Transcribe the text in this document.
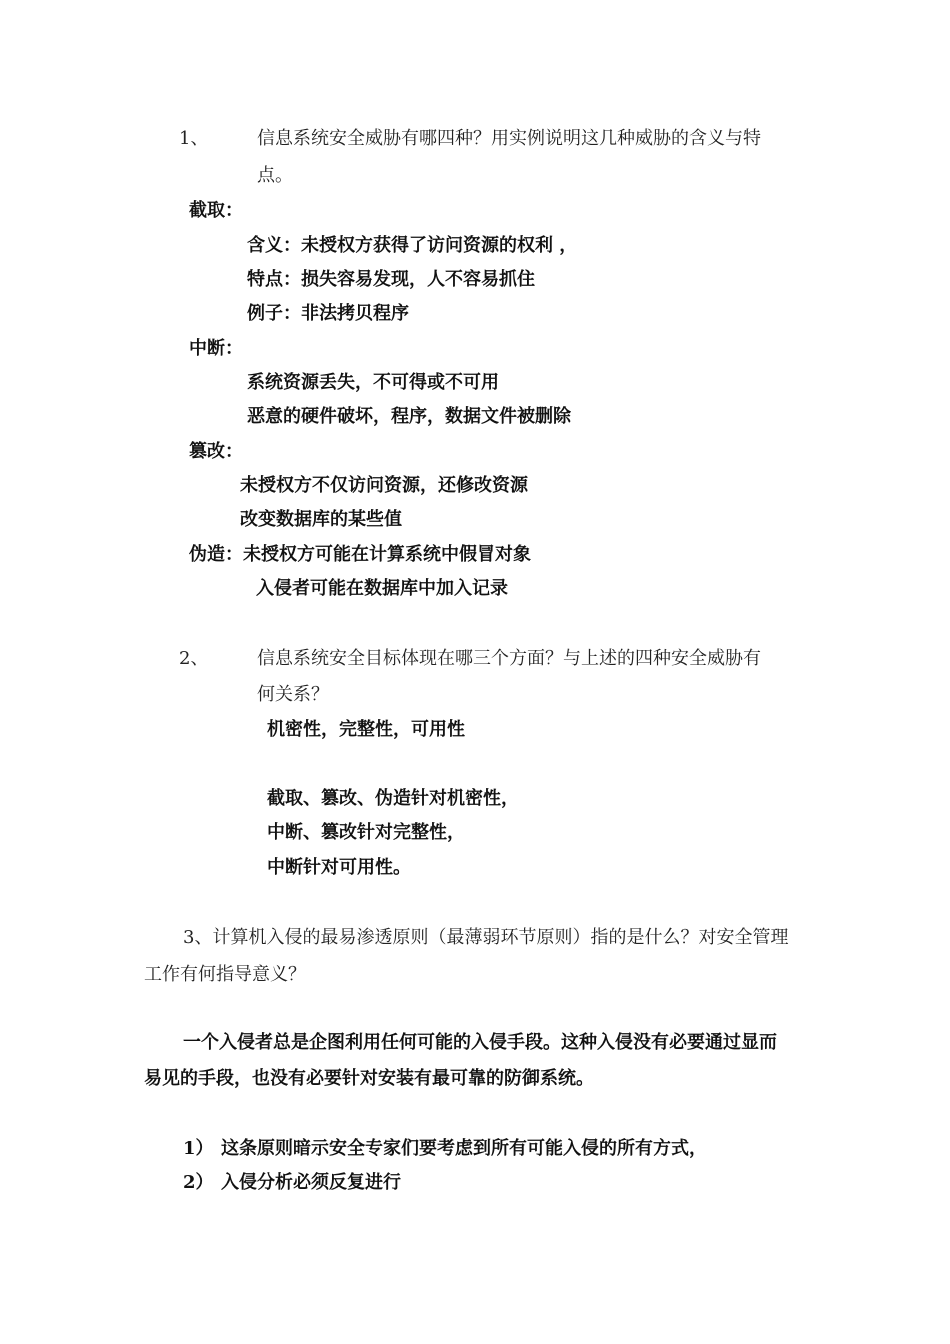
1、	信息系统安全威胁有哪四种？用实例说明这几种威胁的含义与特
点。
截取：
含义：未授权方获得了访问资源的权利 ，
特点：损失容易发现，人不容易抓住
例子：非法拷贝程序
中断：
系统资源丢失，不可得或不可用
恶意的硬件破坏，程序，数据文件被删除
篡改：
未授权方不仅访问资源，还修改资源
改变数据库的某些值
伪造：未授权方可能在计算系统中假冒对象
入侵者可能在数据库中加入记录
2、	信息系统安全目标体现在哪三个方面？与上述的四种安全威胁有
何关系？
机密性，完整性，可用性
截取、篡改、伪造针对机密性，
中断、篡改针对完整性，
中断针对可用性。
3、计算机入侵的最易渗透原则（最薄弱环节原则）指的是什么？对安全管理
工作有何指导意义？
一个入侵者总是企图利用任何可能的入侵手段。这种入侵没有必要通过显而
易见的手段，也没有必要针对安装有最可靠的防御系统。
1） 这条原则暗示安全专家们要考虑到所有可能入侵的所有方式，
2） 入侵分析必须反复进行
